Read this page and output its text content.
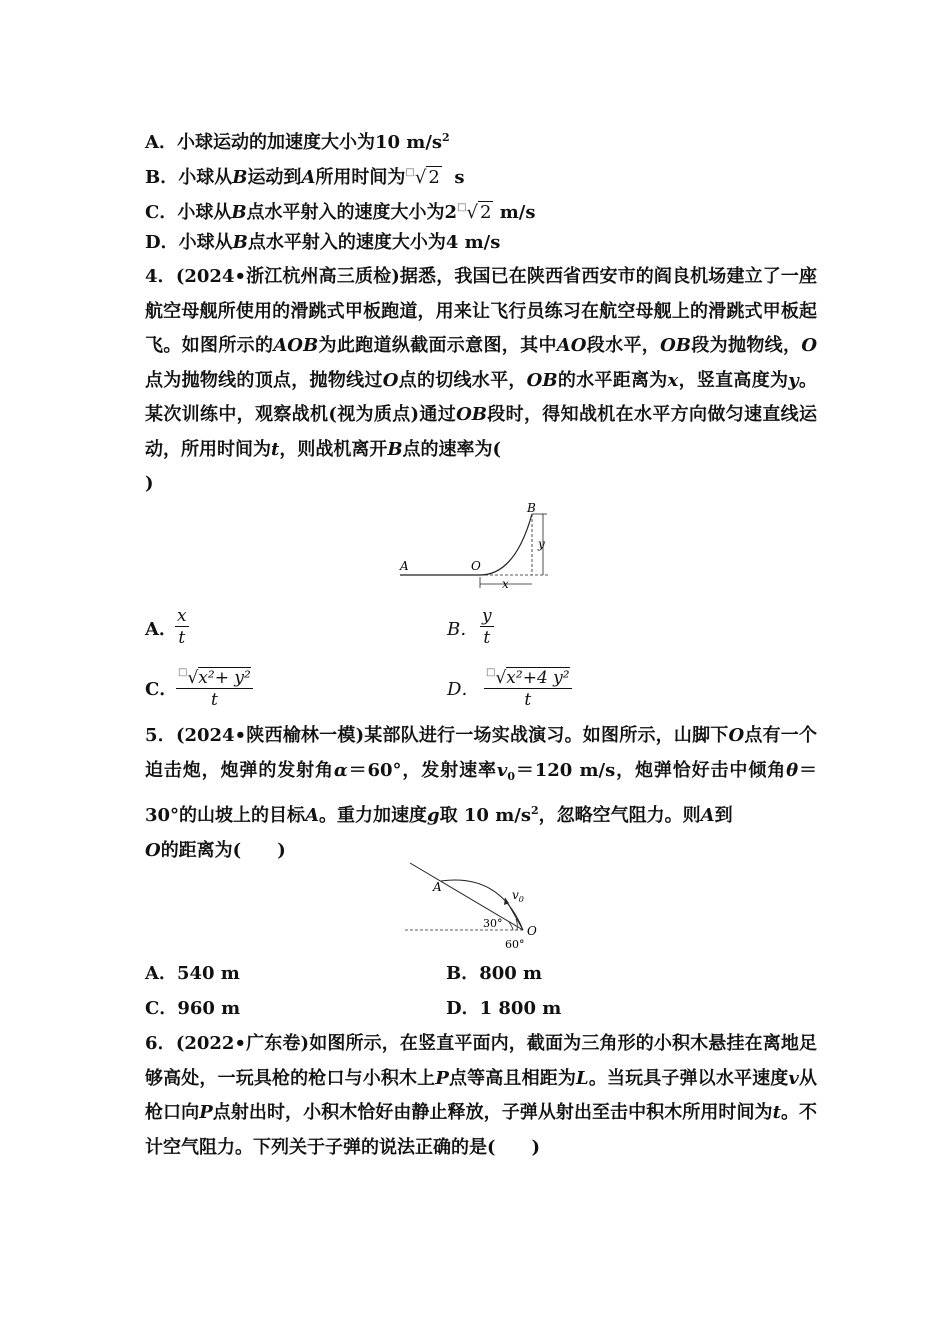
A．小球运动的加速度大小为10 $m/s^2$
B．小球从B运动到A所用时间为□√ 2 s
C．小球从B点水平射入的速度大小为2□√ 2 m/s
D．小球从B点水平射入的速度大小为4 m/s
4．(2024•浙江杭州高三质检)据悉，我国已在陕西省西安市的阎良机场建立了一座航空母舰所使用的滑跳式甲板跑道，用来让飞行员练习在航空母舰上的滑跳式甲板起飞。如图所示的AOB为此跑道纵截面示意图，其中AO段水平，OB段为抛物线，O点为抛物线的顶点，抛物线过O点的切线水平，OB的水平距离为x，竖直高度为y。某次训练中，观察战机(视为质点)通过OB段时，得知战机在水平方向做匀速直线运动，所用时间为t，则战机离开B点的速率为(
)
A	O
B
x
y
A．
$\frac{x}{t}$	B． $\frac{y}{t}$
C．
$\frac{^□√x^2+ y^2}{t}$	D． $\frac{^□√x^2+4 y^2}{t}$
5．(2024•陕西榆林一模)某部队进行一场实战演习。如图所示，山脚下O点有一个迫击炮，炮弹的发射角α＝60°，发射速率$v_0=120$ m/s，炮弹恰好击中倾角θ＝30°的山坡上的目标A。重力加速度g取 10 $m/s^2$，忽略空气阻力。则A到
O的距离为(　　)
A
O
$v_0$
30°
60°
A．540 m	B．800 m
C．960 m	D．1 800 m
6．(2022•广东卷)如图所示，在竖直平面内，截面为三角形的小积木悬挂在离地足够高处，一玩具枪的枪口与小积木上P点等高且相距为L。当玩具子弹以水平速度v从枪口向P点射出时，小积木恰好由静止释放，子弹从射出至击中积木所用时间为t。不计空气阻力。下列关于子弹的说法正确的是(　　)
